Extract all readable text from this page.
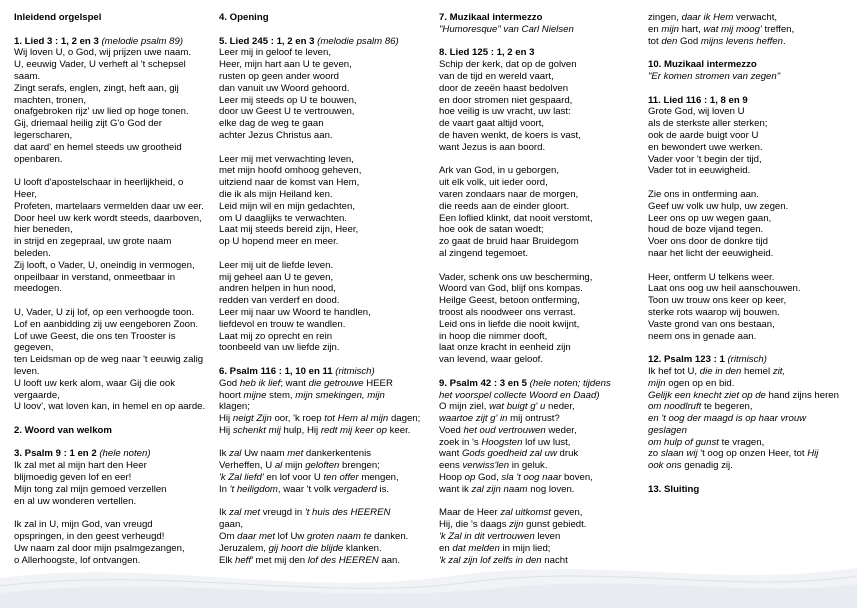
Inleidend orgelspel
1. Lied 3 : 1, 2 en 3 (melodie psalm 89)
Wij loven U, o God, wij prijzen uwe naam.
U, eeuwig Vader, U verheft al 't schepsel
saam.
Zingt serafs, englen, zingt, heft aan, gij
machten, tronen,
onafgebroken rijz' uw lied op hoge tonen.
Gij, driemaal heilig zijt G'o God der
legerscharen,
dat aard' en hemel steeds uw grootheid
openbaren.
U looft d'apostelschaar in heerlijkheid, o
Heer,
Profeten, martelaars vermelden daar uw eer.
Door heel uw kerk wordt steeds, daarboven,
hier beneden,
in strijd en zegepraal, uw grote naam
beleden.
Zij looft, o Vader, U, oneindig in vermogen,
onpeilbaar in verstand, onmeetbaar in
meedogen.
U, Vader, U zij lof, op een verhoogde toon.
Lof en aanbidding zij uw eengeboren Zoon.
Lof uwe Geest, die ons ten Trooster is
gegeven,
ten Leidsman op de weg naar 't eeuwig zalig
leven.
U looft uw kerk alom, waar Gij die ook
vergaarde,
U loov', wat loven kan, in hemel en op aarde.
2. Woord van welkom
3. Psalm 9 : 1 en 2 (hele noten)
Ik zal met al mijn hart den Heer
blijmoedig geven lof en eer!
Mijn tong zal mijn gemoed verzellen
en al uw wonderen vertellen.
Ik zal in U, mijn God, van vreugd
opspringen, in den geest verheugd!
Uw naam zal door mijn psalmgezangen,
o Allerhoogste, lof ontvangen.
4. Opening
5. Lied 245 : 1, 2 en 3 (melodie psalm 86)
Leer mij in geloof te leven,
Heer, mijn hart aan U te geven,
rusten op geen ander woord
dan vanuit uw Woord gehoord.
Leer mij steeds op U te bouwen,
door uw Geest U te vertrouwen,
elke dag de weg te gaan
achter Jezus Christus aan.
Leer mij met verwachting leven,
met mijn hoofd omhoog geheven,
uitziend naar de komst van Hem,
die ik als mijn Heiland ken.
Leid mijn wil en mijn gedachten,
om U daaglijks te verwachten.
Laat mij steeds bereid zijn, Heer,
op U hopend meer en meer.
Leer mij uit de liefde leven.
mij geheel aan U te geven,
andren helpen in hun nood,
redden van verderf en dood.
Leer mij naar uw Woord te handlen,
liefdevol en trouw te wandlen.
Laat mij zo oprecht en rein
toonbeeld van uw liefde zijn.
6. Psalm 116 : 1, 10 en 11 (ritmisch)
God heb ik lief; want die getrouwe HEER
hoort mijne stem, mijn smekingen, mijn
klagen;
Hij neigt Zijn oor, 'k roep tot Hem al mijn dagen;
Hij schenkt mij hulp, Hij redt mij keer op keer.
Ik zal Uw naam met dankerkentenis
Verheffen, U al mijn geloften brengen;
'k Zal liefd' en lof voor U ten offer mengen,
In 't heiligdom, waar 't volk vergaderd is.
Ik zal met vreugd in 't huis des HEEREN
gaan,
Om daar met lof Uw groten naam te danken.
Jeruzalem, gij hoort die blijde klanken.
Elk heff' met mij den lof des HEEREN aan.
7. Muzikaal intermezzo
"Humoresque" van Carl Nielsen
8. Lied 125 : 1, 2 en 3
Schip der kerk, dat op de golven
van de tijd en wereld vaart,
door de zeeën haast bedolven
en door stromen niet gespaard,
hoe veilig is uw vracht, uw last:
de vaart gaat altijd voort,
de haven wenkt, de koers is vast,
want Jezus is aan boord.
Ark van God, in u geborgen,
uit elk volk, uit ieder oord,
varen zondaars naar de morgen,
die reeds aan de einder gloort.
Een loflied klinkt, dat nooit verstomt,
hoe ook de satan woedt;
zo gaat de bruid haar Bruidegom
al zingend tegemoet.
Vader, schenk ons uw bescherming,
Woord van God, blijf ons kompas.
Heilge Geest, betoon ontferming,
troost als noodweer ons verrast.
Leid ons in liefde die nooit kwijnt,
in hoop die nimmer dooft,
laat onze kracht in eenheid zijn
van levend, waar geloof.
9. Psalm 42 : 3 en 5 (hele noten; tijdens
het voorspel collecte Woord en Daad)
O mijn ziel, wat buigt g' u neder,
waartoe zijt g' in mij ontrust?
Voed het oud vertrouwen weder,
zoek in 's Hoogsten lof uw lust,
want Gods goedheid zal uw druk
eens verwiss'len in geluk.
Hoop op God, sla 't oog naar boven,
want ik zal zijn naam nog loven.
Maar de Heer zal uitkomst geven,
Hij, die 's daags zijn gunst gebiedt.
'k Zal in dit vertrouwen leven
en dat melden in mijn lied;
'k zal zijn lof zelfs in den nacht
zingen, daar ik Hem verwacht,
en mijn hart, wat mij moog' treffen,
tot den God mijns levens heffen.
10. Muzikaal intermezzo
"Er komen stromen van zegen"
11. Lied 116 : 1, 8 en 9
Grote God, wij loven U
als de sterkste aller sterken;
ook de aarde buigt voor U
en bewondert uwe werken.
Vader voor 't begin der tijd,
Vader tot in eeuwigheid.
Zie ons in ontferming aan.
Geef uw volk uw hulp, uw zegen.
Leer ons op uw wegen gaan,
houd de boze vijand tegen.
Voer ons door de donkre tijd
naar het licht der eeuwigheid.
Heer, ontferm U telkens weer.
Laat ons oog uw heil aanschouwen.
Toon uw trouw ons keer op keer,
sterke rots waarop wij bouwen.
Vaste grond van ons bestaan,
neem ons in genade aan.
12. Psalm 123 : 1 (ritmisch)
Ik hef tot U, die in den hemel zit,
mijn ogen op en bid.
Gelijk een knecht ziet op de hand zijns heren
om noodlruft te begeren,
en 't oog der maagd is op haar vrouw
geslagen
om hulp of gunst te vragen,
zo slaan wij 't oog op onzen Heer, tot Hij
ook ons genadig zij.
13. Sluiting
